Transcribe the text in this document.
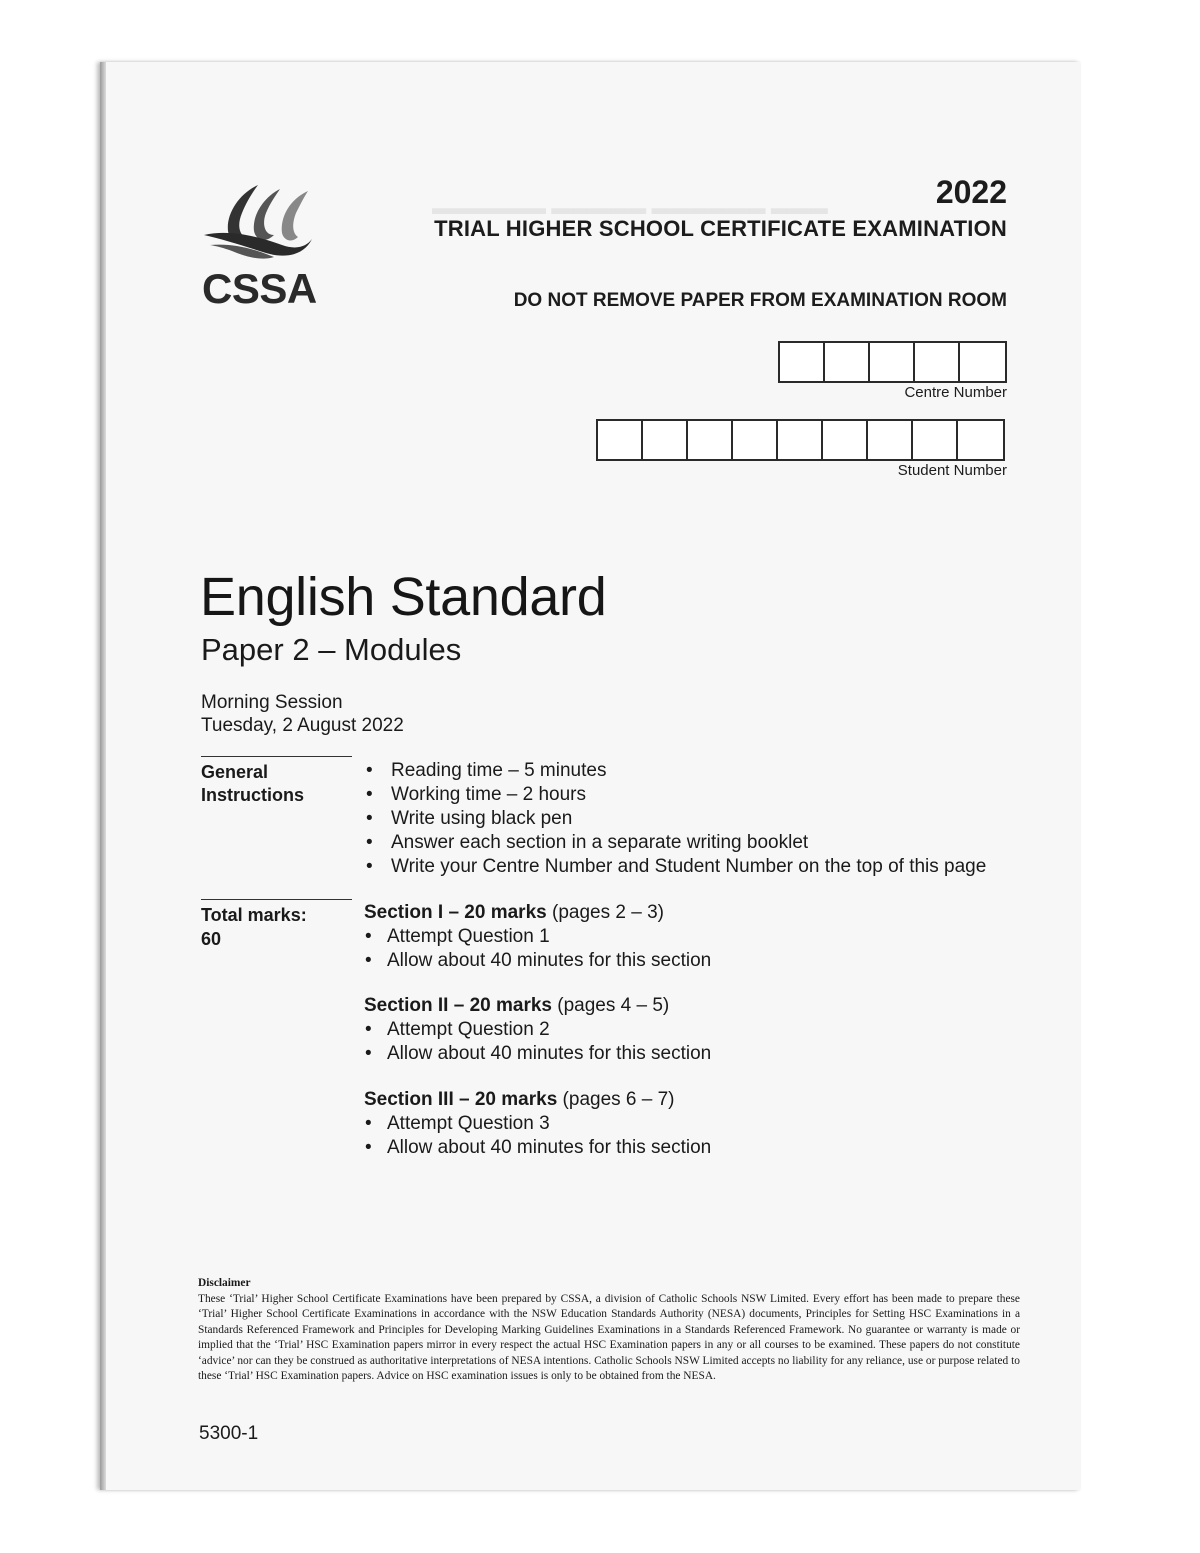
▬▬▬ ▬▬▬▬▬▬ ▬▬▬▬▬ ▬▬▬▬▬▬
CSSA
2022
TRIAL HIGHER SCHOOL CERTIFICATE EXAMINATION
DO NOT REMOVE PAPER FROM EXAMINATION ROOM
Centre Number
Student Number
English Standard
Paper 2 – Modules
Morning Session
Tuesday, 2 August 2022
General
Instructions
• Reading time – 5 minutes
• Working time – 2 hours
• Write using black pen
• Answer each section in a separate writing booklet
• Write your Centre Number and Student Number on the top of this page
Total marks:
60
Section I – 20 marks (pages 2 – 3)
• Attempt Question 1
• Allow about 40 minutes for this section
Section II – 20 marks (pages 4 – 5)
• Attempt Question 2
• Allow about 40 minutes for this section
Section III – 20 marks (pages 6 – 7)
• Attempt Question 3
• Allow about 40 minutes for this section
Disclaimer
These ‘Trial’ Higher School Certificate Examinations have been prepared by CSSA, a division of Catholic Schools NSW Limited. Every effort has been made to prepare these ‘Trial’ Higher School Certificate Examinations in accordance with the NSW Education Standards Authority (NESA) documents, Principles for Setting HSC Examinations in a Standards Referenced Framework and Principles for Developing Marking Guidelines Examinations in a Standards Referenced Framework. No guarantee or warranty is made or implied that the ‘Trial’ HSC Examination papers mirror in every respect the actual HSC Examination papers in any or all courses to be examined. These papers do not constitute ‘advice’ nor can they be construed as authoritative interpretations of NESA intentions. Catholic Schools NSW Limited accepts no liability for any reliance, use or purpose related to these ‘Trial’ HSC Examination papers. Advice on HSC examination issues is only to be obtained from the NESA.
5300-1
